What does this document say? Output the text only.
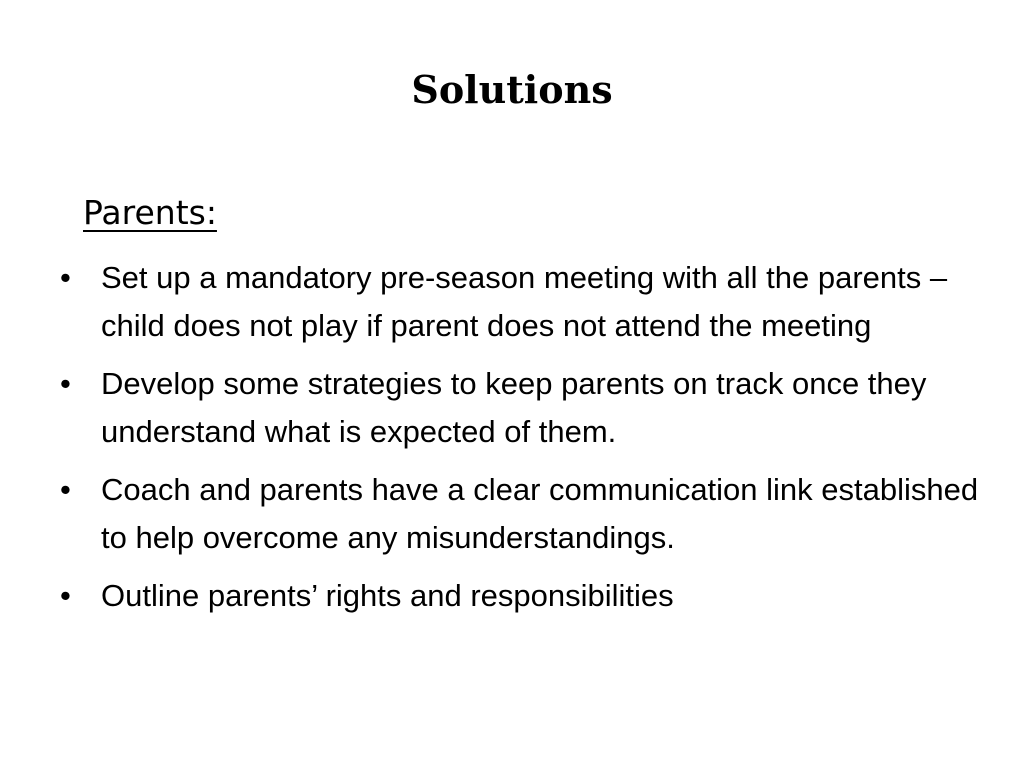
Solutions
Parents:
• Set up a mandatory pre-season meeting with all the parents – child does not play if parent does not attend the meeting
• Develop some strategies to keep parents on track once they understand what is expected of them.
• Coach and parents have a clear communication link established to help overcome any misunderstandings.
• Outline parents’ rights and responsibilities
